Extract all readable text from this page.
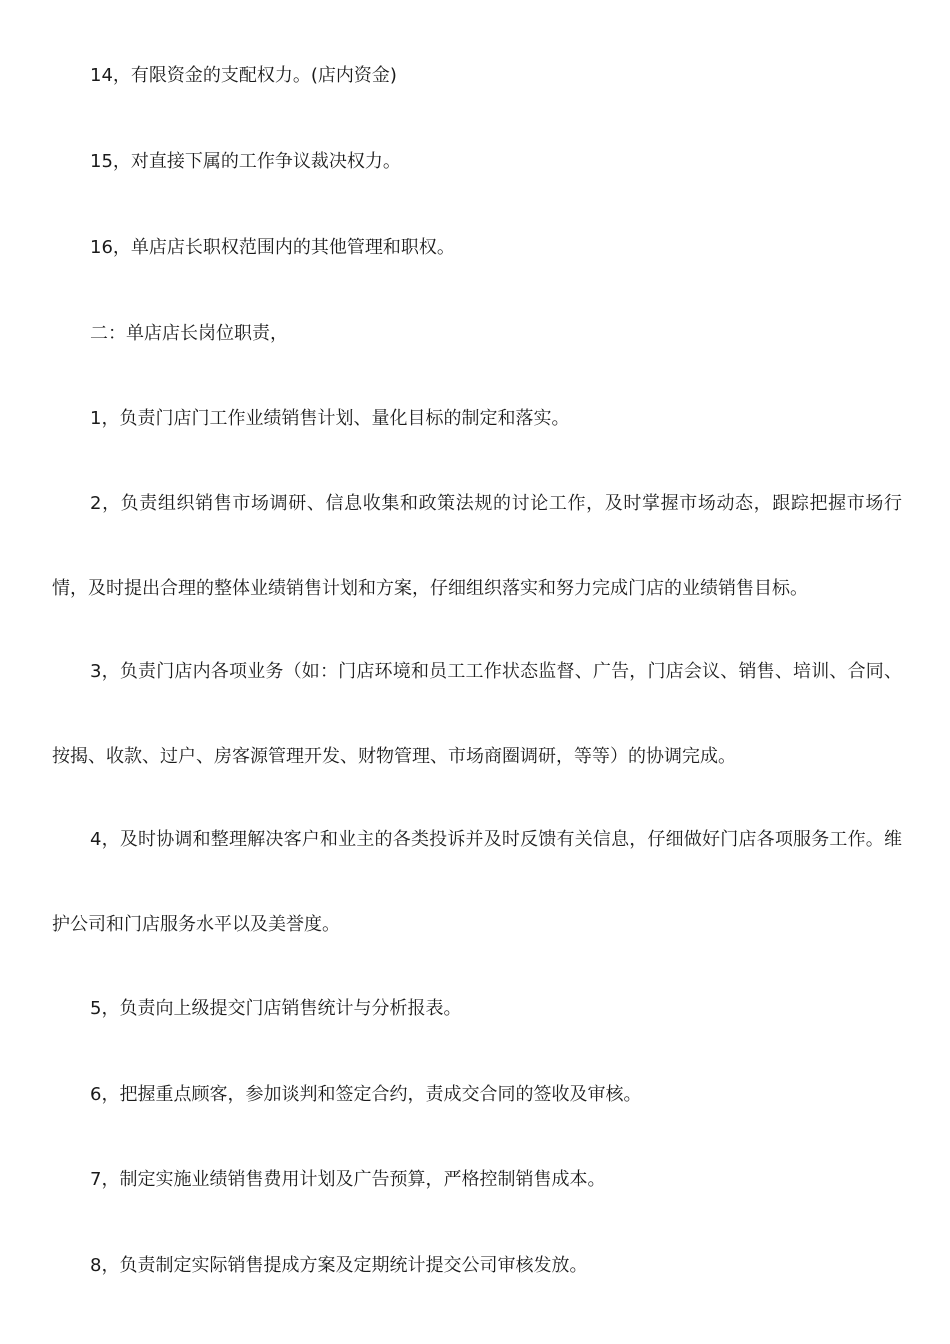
14，有限资金的支配权力。(店内资金)

15，对直接下属的工作争议裁决权力。

16，单店店长职权范围内的其他管理和职权。

二：单店店长岗位职责，

1，负责门店门工作业绩销售计划、量化目标的制定和落实。

2，负责组织销售市场调研、信息收集和政策法规的讨论工作，及时掌握市场动态，跟踪把握市场行情，及时提出合理的整体业绩销售计划和方案，仔细组织落实和努力完成门店的业绩销售目标。

3，负责门店内各项业务（如：门店环境和员工工作状态监督、广告，门店会议、销售、培训、合同、按揭、收款、过户、房客源管理开发、财物管理、市场商圈调研，等等）的协调完成。

4，及时协调和整理解决客户和业主的各类投诉并及时反馈有关信息，仔细做好门店各项服务工作。维护公司和门店服务水平以及美誉度。

5，负责向上级提交门店销售统计与分析报表。

6，把握重点顾客，参加谈判和签定合约，责成交合同的签收及审核。

7，制定实施业绩销售费用计划及广告预算，严格控制销售成本。

8，负责制定实际销售提成方案及定期统计提交公司审核发放。
